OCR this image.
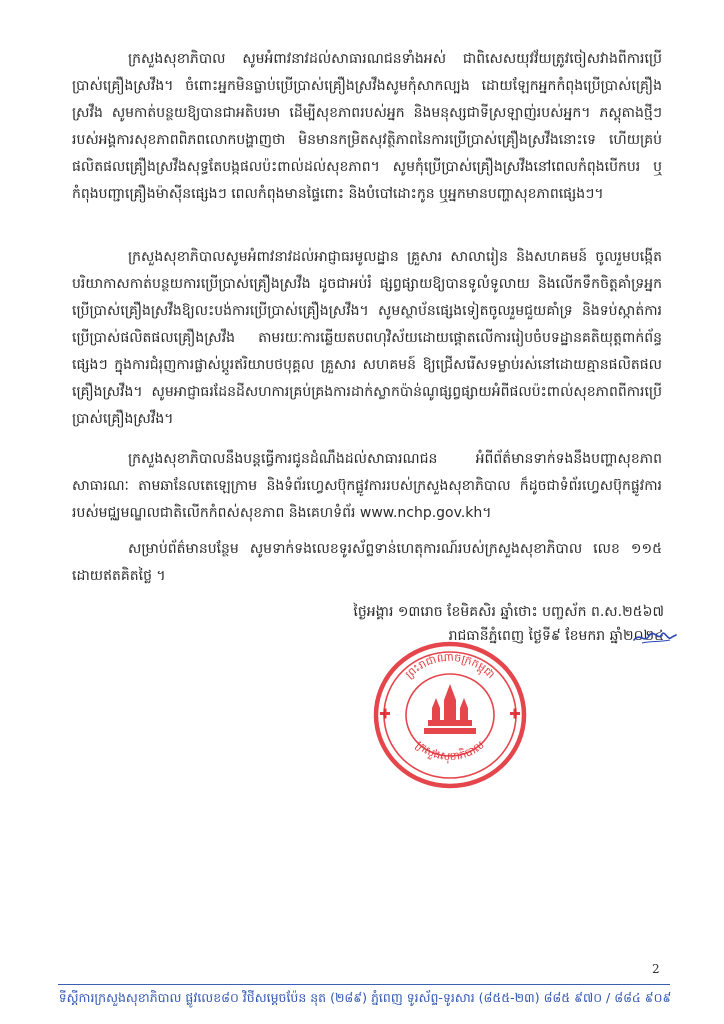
ក្រសួងសុខាភិបាល សូមអំពាវនាវដល់សាធារណជនទាំងអស់ ជាពិសេសយុវវ័យត្រូវចៀសវាងពីការប្រើប្រាស់គ្រឿងស្រវឹង។ ចំពោះអ្នកមិនធ្លាប់ប្រើប្រាស់គ្រឿងស្រវឹងសូមកុំសាកល្បង ដោយឡែកអ្នកកំពុងប្រើប្រាស់គ្រឿងស្រវឹង សូមកាត់បន្ថយឱ្យបានជាអតិបរមា ដើម្បីសុខភាពរបស់អ្នក និងមនុស្សជាទីស្រឡាញ់របស់អ្នក។ ភស្តុតាងថ្មីៗរបស់អង្គការសុខភាពពិភពលោកបង្ហាញថា មិនមានកម្រិតសុវត្ថិភាពនៃការប្រើប្រាស់គ្រឿងស្រវឹងនោះទេ ហើយគ្រប់ផលិតផលគ្រឿងស្រវឹងសុទ្ធតែបង្កផលប៉ះពាល់ដល់សុខភាព។ សូមកុំប្រើប្រាស់គ្រឿងស្រវឹងនៅពេលកំពុងបើកបរ ឬកំពុងបញ្ជាគ្រឿងម៉ាស៊ីនផ្សេងៗ ពេលកំពុងមានផ្ទៃពោះ និងបំបៅដោះកូន ឬអ្នកមានបញ្ហាសុខភាពផ្សេងៗ។

ក្រសួងសុខាភិបាលសូមអំពាវនាវដល់អាជ្ញាធរមូលដ្ឋាន គ្រួសារ សាលារៀន និងសហគមន៍ ចូលរួមបង្កើតបរិយាកាសកាត់បន្ថយការប្រើប្រាស់គ្រឿងស្រវឹង ដូចជាអប់រំ ផ្សព្វផ្សាយឱ្យបានទូលំទូលាយ និងលើកទឹកចិត្តគាំទ្រអ្នកប្រើប្រាស់គ្រឿងស្រវឹងឱ្យលះបង់ការប្រើប្រាស់គ្រឿងស្រវឹង។ សូមស្ថាប័នផ្សេងទៀតចូលរួមជួយគាំទ្រ និងទប់ស្កាត់ការប្រើប្រាស់ផលិតផលគ្រឿងស្រវឹង តាមរយៈការឆ្លើយតបពហុវិស័យដោយផ្ដោតលើការរៀបចំបទដ្ឋានគតិយុត្តពាក់ព័ន្ធផ្សេងៗ ក្នុងការជំរុញការផ្លាស់ប្ដូរឥរិយាបថបុគ្គល គ្រួសារ សហគមន៍ ឱ្យជ្រើសរើសទម្លាប់រស់នៅដោយគ្មានផលិតផលគ្រឿងស្រវឹង។ សូមអាជ្ញាធរដែនដីសហការគ្រប់គ្រងការដាក់ស្លាកប៉ាន់ណូផ្សព្វផ្សាយអំពីផលប៉ះពាល់សុខភាពពីការប្រើប្រាស់គ្រឿងស្រវឹង។

ក្រសួងសុខាភិបាលនឹងបន្តធ្វើការជូនដំណឹងដល់សាធារណជន អំពីព័ត៌មានទាក់ទងនឹងបញ្ហាសុខភាពសាធារណៈ តាមឆានែលតេឡេក្រាម និងទំព័រហ្វេសប៊ុកផ្លូវការរបស់ក្រសួងសុខាភិបាល ក៏ដូចជាទំព័រហ្វេសប៊ុកផ្លូវការរបស់មជ្ឈមណ្ឌលជាតិលើកកំពស់សុខភាព និងគេហទំព័រ www.nchp.gov.kh។

សម្រាប់ព័ត៌មានបន្ថែម សូមទាក់ទងលេខទូរស័ព្ទទាន់ហេតុការណ៍របស់ក្រសួងសុខាភិបាល លេខ ១១៥ ដោយឥតគិតថ្លៃ ។

ថ្ងៃអង្គារ ១៣រោច ខែមិគសិរ ឆ្នាំថោះ បញ្ចស័ក ព.ស.២៥៦៧
រាជធានីភ្នំពេញ ថ្ងៃទី៩ ខែមករា ឆ្នាំ២០២៤
ព្រះរាជាណាចក្រកម្ពុជា
ក្រសួងសុខាភិបាល
2
ទីស្ដីការក្រសួងសុខាភិបាល ផ្លូវលេខ៨០ វិថីសម្ដេចប៉ែន នុត (២៨៩) ភ្នំពេញ ទូរស័ព្ទ-ទូរសារ (៨៥៥-២៣) ៨៨៥ ៩៧០ / ៨៨៤ ៩០៩
